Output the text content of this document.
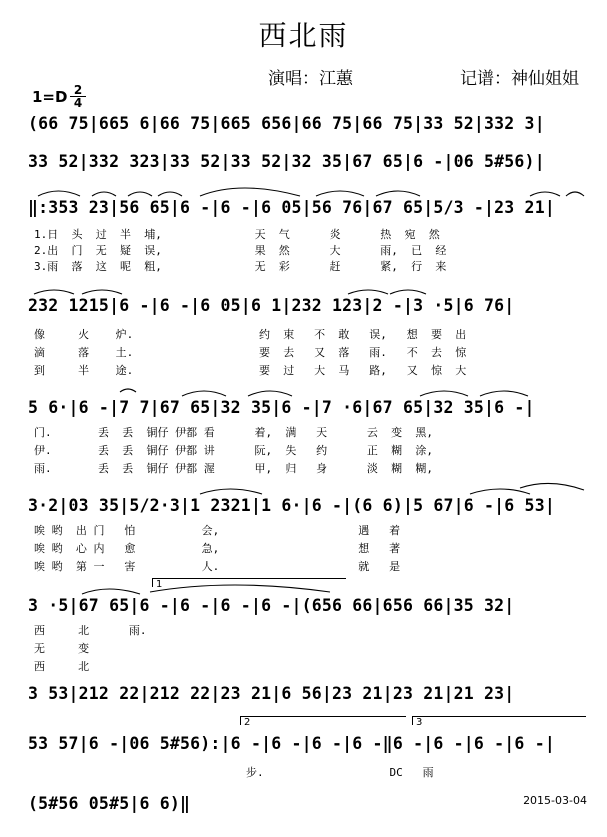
西北雨
演唱：江蕙	记谱：神仙姐姐
1=D 2
4
(66 75|665 6|66 75|665 656|66 75|66 75|33 52|332 3|
33 52|332 323|33 52|33 52|32 35|67 65|6 -|06 5#56)|
‖:353 23|56 65|6 -|6 -|6 05|56 76|67 65|5/3 -|23 21|
1.日  头  过  半  埔,              天  气      炎      热  宛  然
2.出  门  无  疑  误,              果  然      大      雨,  已  经
3.雨  落  这  呢  粗,              无  彩      赶      紧,  行  来
232 1215|6 -|6 -|6 05|6 1|232 123|2 -|3 ·5|6 76|
像     火    炉.                   约  束   不  敢   误,   想  要  出
滴     落    土.                   要  去   又  落   雨.   不  去  惊
到     半    途.                   要  过   大  马   路,   又  惊  大
5 6·|6 -|7 7|67 65|32 35|6 -|7 ·6|67 65|32 35|6 -|
门.       丢  丢  铜仔 伊都 看      着,  满   天      云  变  黑,
伊.       丢  丢  铜仔 伊都 讲      阮,  失   约      正  糊  涂,
雨.       丢  丢  铜仔 伊都 渥      甲,  归   身      淡  糊  糊,
3·2|03 35|5/2·3|1 2321|1 6·|6 -|(6 6)|5 67|6 -|6 53|
唉 哟  出 门   怕          会,                     遇   着
唉 哟  心 内   愈          急,                     想   著
唉 哟  第 一   害          人.                     就   是
1
3 ·5|67 65|6 -|6 -|6 -|6 -|(656 66|656 66|35 32|
西     北      雨.
无     变
西     北
3 53|212 22|212 22|23 21|6 56|23 21|23 21|21 23|
2	3
53 57|6 -|06 5#56):|6 -|6 -|6 -|6 -‖6 -|6 -|6 -|6 -|
步.                   DC   雨
(5#56 05#5|6 6)‖	2015-03-04
